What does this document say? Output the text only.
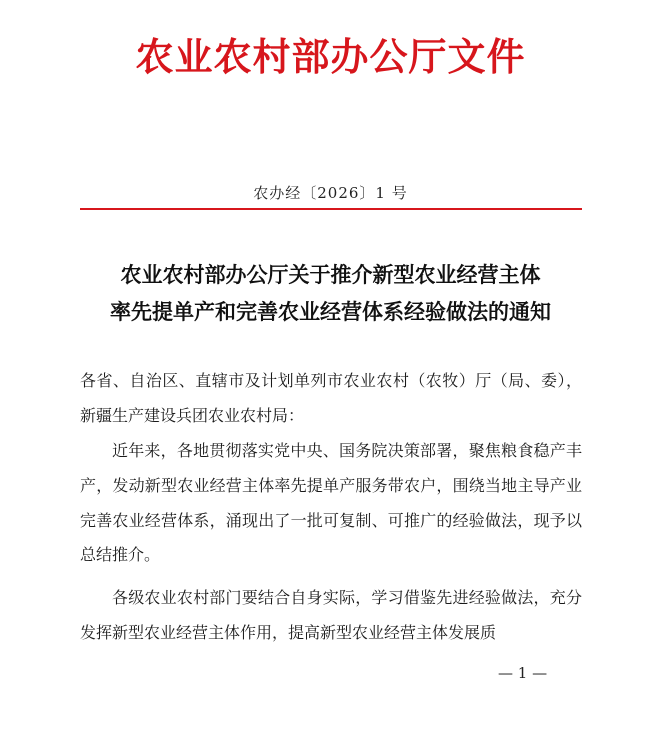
农业农村部办公厅文件
农办经〔2026〕1 号
农业农村部办公厅关于推介新型农业经营主体
率先提单产和完善农业经营体系经验做法的通知

各省、自治区、直辖市及计划单列市农业农村（农牧）厅（局、委），新疆生产建设兵团农业农村局：

近年来，各地贯彻落实党中央、国务院决策部署，聚焦粮食稳产丰产，发动新型农业经营主体率先提单产服务带农户，围绕当地主导产业完善农业经营体系，涌现出了一批可复制、可推广的经验做法，现予以总结推介。

各级农业农村部门要结合自身实际，学习借鉴先进经验做法，充分发挥新型农业经营主体作用，提高新型农业经营主体发展质

— 1 —
